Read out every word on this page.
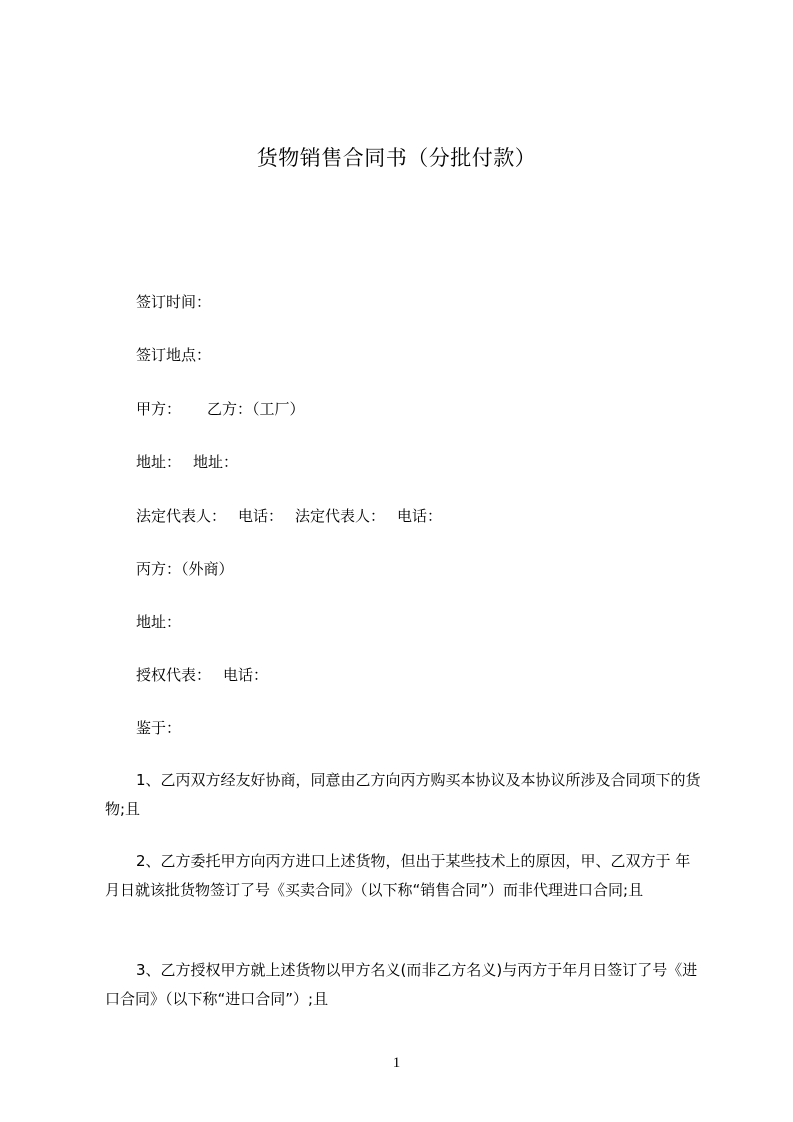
货物销售合同书（分批付款）
签订时间：
签订地点：
甲方： 乙方：（工厂）
地址： 地址：
法定代表人： 电话： 法定代表人： 电话：
丙方：（外商）
地址：
授权代表： 电话：
鉴于：
1、乙丙双方经友好协商，同意由乙方向丙方购买本协议及本协议所涉及合同项下的货物;且
2、乙方委托甲方向丙方进口上述货物，但出于某些技术上的原因，甲、乙双方于 年月日就该批货物签订了号《买卖合同》（以下称“销售合同”）而非代理进口合同;且
3、乙方授权甲方就上述货物以甲方名义(而非乙方名义)与丙方于年月日签订了号《进口合同》（以下称“进口合同”）;且
1
